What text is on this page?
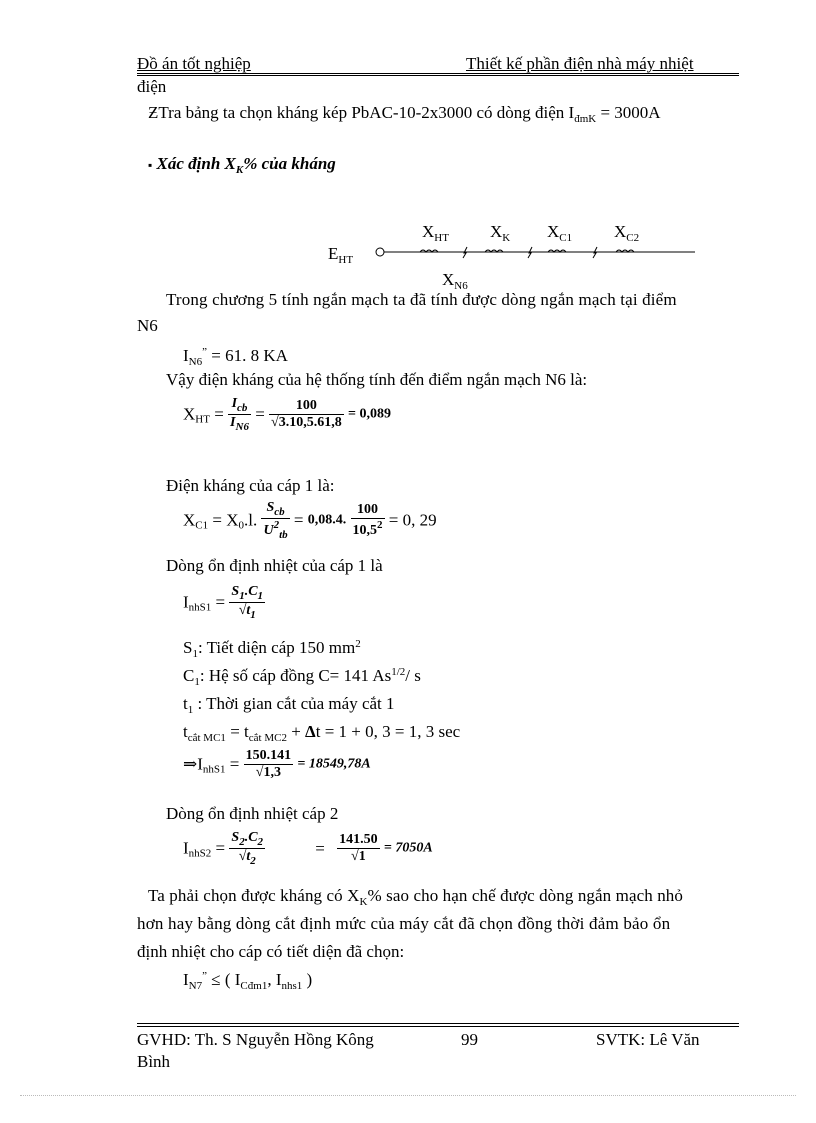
Đồ án tốt nghiệp	Thiết kế phần điện nhà máy nhiệt
điện
ƵTra bảng ta chọn kháng kép PbAC-10-2x3000 có dòng điện $I_{đmK} = 3000A$
▪ Xác định $X_K\%$ của kháng
$E_{HT}$
$X_{HT}$ $X_K$ $X_{C1}$ $X_{C2}$
$X_{N6}$
Trong chương 5 tính ngắn mạch ta đã tính được dòng ngắn mạch tại điểm
N6
$I_{N6}^” = 61$. 8 KA
Vậy điện kháng của hệ thống tính đến điểm ngắn mạch N6 là:
$X_{HT} = \frac{I_{cb}}{I_{N6}} = \frac{100}{√3.10,5.61,8} = 0,089$
Điện kháng của cáp 1 là:
$X_{C1} = X_0.l$. $\frac{S_{cb}}{U^2_{tb}} = 0,08.4$. $\frac{100}{10,5^2} = 0$, 29
Dòng ổn định nhiệt của cáp 1 là
$I_{nhS1} = \frac{S_1.C_1}{√t_1}$
$S_1$: Tiết diện cáp 150 $mm^2$
$C_1$: Hệ số cáp đồng C= 141 $As^{1/2}/$ s
$t_1$ : Thời gian cắt của máy cắt 1
$t_{cắt MC1} = t_{cắt MC2} + \Delta t = 1 + 0$, 3 = 1, 3 sec
$\Rightarrow I_{nhS1} = \frac{150.141}{√1,3} = 18549,78A$
Dòng ổn định nhiệt cáp 2
$I_{nhS2} = \frac{S_2.C_2}{√t_2}$	= $\frac{141.50}{√1} = 7050A$
Ta phải chọn được kháng có $X_K\%$ sao cho hạn chế được dòng ngắn mạch nhỏ
hơn hay bằng dòng cắt định mức của máy cắt đã chọn đồng thời đảm bảo ổn
định nhiệt cho cáp có tiết diện đã chọn:
$I_{N7}^”$ ≤ ( $I_{Cđm1}$, $I_{nhs1}$ )
GVHD: Th. S Nguyễn Hồng Kông	99	SVTK: Lê Văn
Bình
